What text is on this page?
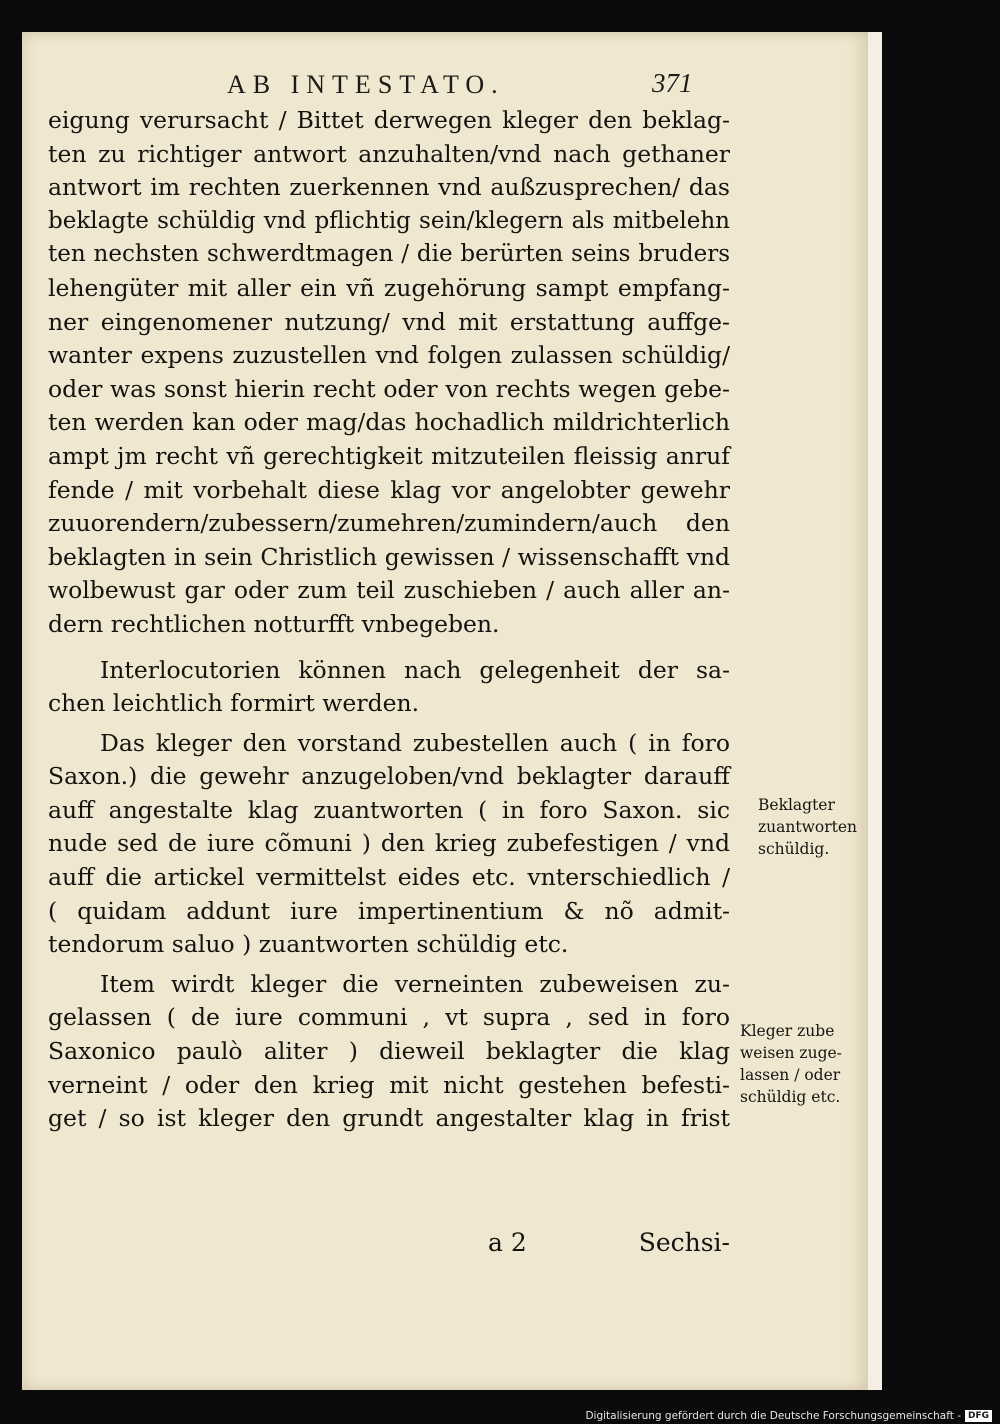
AB INTESTATO.	371
eigung verursacht / Bittet derwegen kleger den beklag-
ten zu richtiger antwort anzuhalten/vnd nach gethaner
antwort im rechten zuerkennen vnd außzusprechen/ das
beklagte schüldig vnd pflichtig sein/klegern als mitbelehn
ten nechsten schwerdtmagen / die berürten seins bruders
lehengüter mit aller ein vñ zugehörung sampt empfang-
ner eingenomener nutzung/ vnd mit erstattung auffge-
wanter expens zuzustellen vnd folgen zulassen schüldig/
oder was sonst hierin recht oder von rechts wegen gebe-
ten werden kan oder mag/das hochadlich mildrichterlich
ampt jm recht vñ gerechtigkeit mitzuteilen fleissig anruf
fende / mit vorbehalt diese klag vor angelobter gewehr
zuuorendern/zubessern/zumehren/zumindern/auch den
beklagten in sein Christlich gewissen / wissenschafft vnd
wolbewust gar oder zum teil zuschieben / auch aller an-
dern rechtlichen notturfft vnbegeben.
Interlocutorien können nach gelegenheit der sa-
chen leichtlich formirt werden.
Das kleger den vorstand zubestellen auch ( in foro
Saxon.) die gewehr anzugeloben/vnd beklagter darauff
auff angestalte klag zuantworten ( in foro Saxon. sic
nude sed de iure cõmuni ) den krieg zubefestigen / vnd
auff die artickel vermittelst eides etc. vnterschiedlich /
( quidam addunt iure impertinentium & nõ admit-
tendorum saluo ) zuantworten schüldig etc.
Item wirdt kleger die verneinten zubeweisen zu-
gelassen ( de iure communi , vt supra , sed in foro
Saxonico paulò aliter ) dieweil beklagter die klag
verneint / oder den krieg mit nicht gestehen befesti-
get / so ist kleger den grundt angestalter klag in frist
a 2	Sechsi-
Beklagter
zuantworten
schüldig.
Kleger zube
weisen zuge-
lassen / oder
schüldig etc.
Digitalisierung gefördert durch die Deutsche Forschungsgemeinschaft - DFG
